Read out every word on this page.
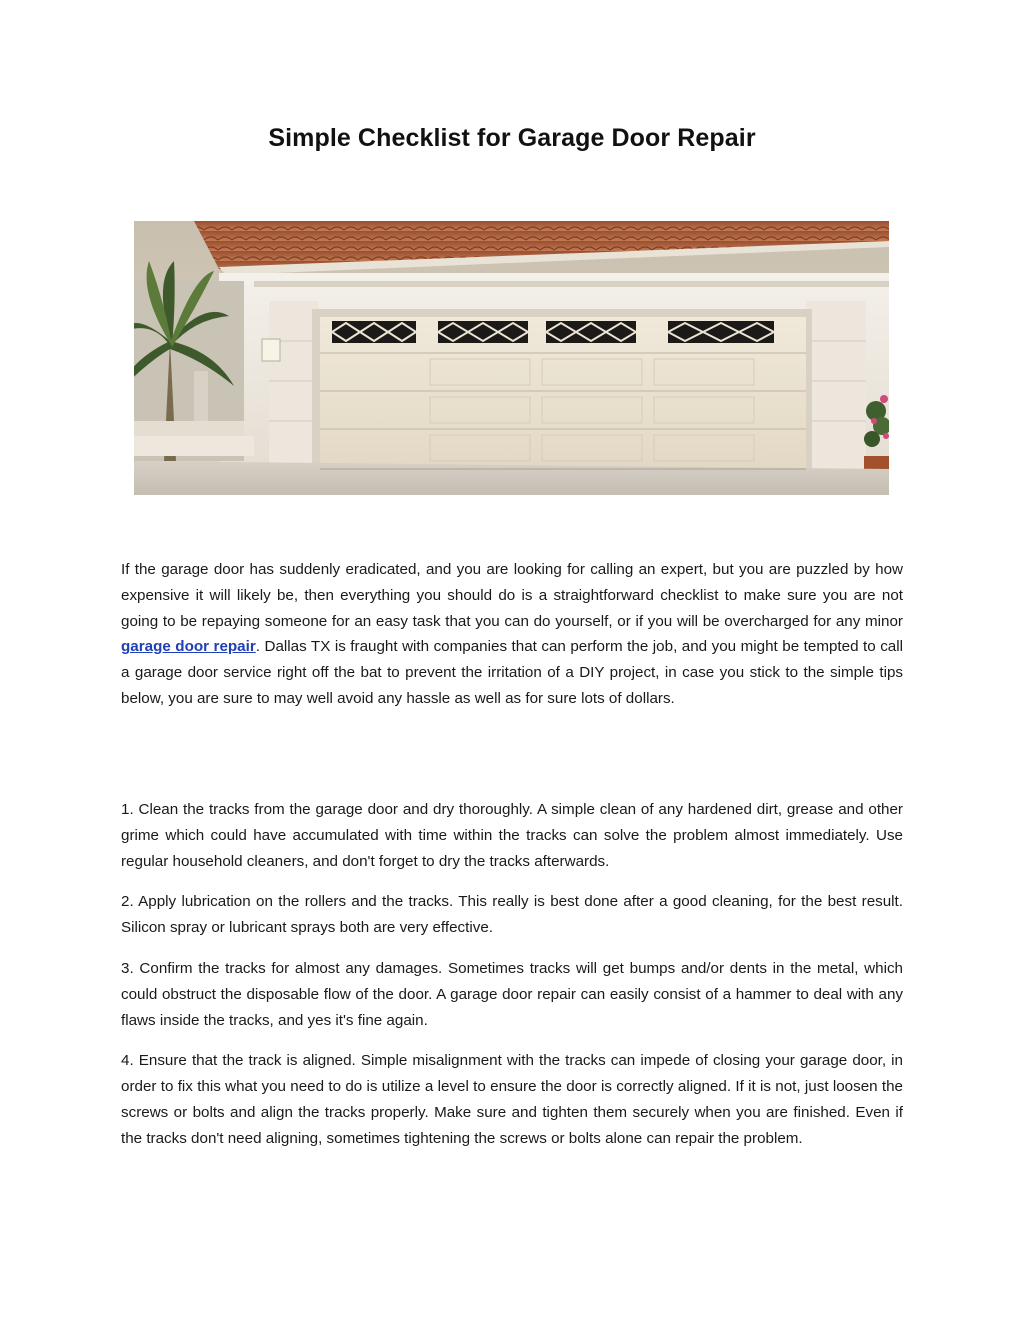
Simple Checklist for Garage Door Repair

If the garage door has suddenly eradicated, and you are looking for calling an expert, but you are puzzled by how expensive it will likely be, then everything you should do is a straightforward checklist to make sure you are not going to be repaying someone for an easy task that you can do yourself, or if you will be overcharged for any minor garage door repair. Dallas TX is fraught with companies that can perform the job, and you might be tempted to call a garage door service right off the bat to prevent the irritation of a DIY project, in case you stick to the simple tips below, you are sure to may well avoid any hassle as well as for sure lots of dollars.

1. Clean the tracks from the garage door and dry thoroughly. A simple clean of any hardened dirt, grease and other grime which could have accumulated with time within the tracks can solve the problem almost immediately. Use regular household cleaners, and don't forget to dry the tracks afterwards.

2. Apply lubrication on the rollers and the tracks. This really is best done after a good cleaning, for the best result. Silicon spray or lubricant sprays both are very effective.

3. Confirm the tracks for almost any damages. Sometimes tracks will get bumps and/or dents in the metal, which could obstruct the disposable flow of the door. A garage door repair can easily consist of a hammer to deal with any flaws inside the tracks, and yes it's fine again.

4. Ensure that the track is aligned. Simple misalignment with the tracks can impede of closing your garage door, in order to fix this what you need to do is utilize a level to ensure the door is correctly aligned. If it is not, just loosen the screws or bolts and align the tracks properly. Make sure and tighten them securely when you are finished. Even if the tracks don't need aligning, sometimes tightening the screws or bolts alone can repair the problem.
